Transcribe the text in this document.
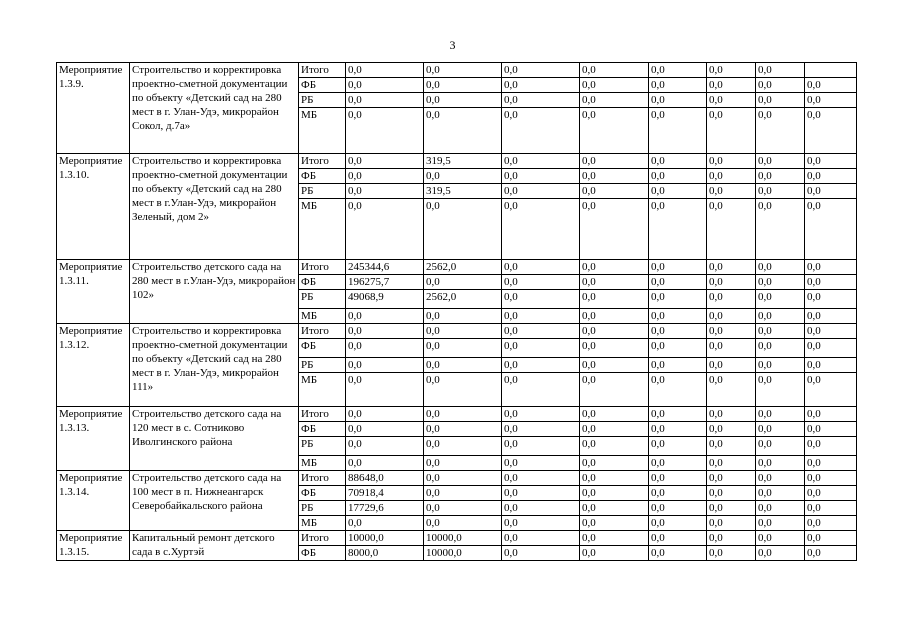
3
Мероприятие 1.3.9.	Строительство и корректировка проектно-сметной документации по объекту «Детский сад на 280 мест в г. Улан-Удэ, микрорайон Сокол, д.7а»	Итого	0,0	0,0	0,0	0,0	0,0	0,0	0,0	
		ФБ	0,0	0,0	0,0	0,0	0,0	0,0	0,0	0,0
		РБ	0,0	0,0	0,0	0,0	0,0	0,0	0,0	0,0
		МБ	0,0	0,0	0,0	0,0	0,0	0,0	0,0	0,0
Мероприятие 1.3.10.	Строительство и корректировка проектно-сметной документации по объекту «Детский сад на 280 мест в г.Улан-Удэ, микрорайон Зеленый, дом 2»	Итого	0,0	319,5	0,0	0,0	0,0	0,0	0,0	0,0
		ФБ	0,0	0,0	0,0	0,0	0,0	0,0	0,0	0,0
		РБ	0,0	319,5	0,0	0,0	0,0	0,0	0,0	0,0
		МБ	0,0	0,0	0,0	0,0	0,0	0,0	0,0	0,0
Мероприятие 1.3.11.	Строительство детского сада на 280 мест в г.Улан-Удэ, микрорайон 102»	Итого	245344,6	2562,0	0,0	0,0	0,0	0,0	0,0	0,0
		ФБ	196275,7	0,0	0,0	0,0	0,0	0,0	0,0	0,0
		РБ	49068,9	2562,0	0,0	0,0	0,0	0,0	0,0	0,0
		МБ	0,0	0,0	0,0	0,0	0,0	0,0	0,0	0,0
Мероприятие 1.3.12.	Строительство и корректировка проектно-сметной документации по объекту «Детский сад на 280 мест в г. Улан-Удэ, микрорайон 111»	Итого	0,0	0,0	0,0	0,0	0,0	0,0	0,0	0,0
		ФБ	0,0	0,0	0,0	0,0	0,0	0,0	0,0	0,0
		РБ	0,0	0,0	0,0	0,0	0,0	0,0	0,0	0,0
		МБ	0,0	0,0	0,0	0,0	0,0	0,0	0,0	0,0
Мероприятие 1.3.13.	Строительство детского сада на 120 мест в с. Сотниково Иволгинского района	Итого	0,0	0,0	0,0	0,0	0,0	0,0	0,0	0,0
		ФБ	0,0	0,0	0,0	0,0	0,0	0,0	0,0	0,0
		РБ	0,0	0,0	0,0	0,0	0,0	0,0	0,0	0,0
		МБ	0,0	0,0	0,0	0,0	0,0	0,0	0,0	0,0
Мероприятие 1.3.14.	Строительство детского сада на 100 мест в п. Нижнеангарск Северобайкальского района	Итого	88648,0	0,0	0,0	0,0	0,0	0,0	0,0	0,0
		ФБ	70918,4	0,0	0,0	0,0	0,0	0,0	0,0	0,0
		РБ	17729,6	0,0	0,0	0,0	0,0	0,0	0,0	0,0
		МБ	0,0	0,0	0,0	0,0	0,0	0,0	0,0	0,0
Мероприятие 1.3.15.	Капитальный ремонт детского сада в с.Хуртэй	Итого	10000,0	10000,0	0,0	0,0	0,0	0,0	0,0	0,0
		ФБ	8000,0	10000,0	0,0	0,0	0,0	0,0	0,0	0,0
